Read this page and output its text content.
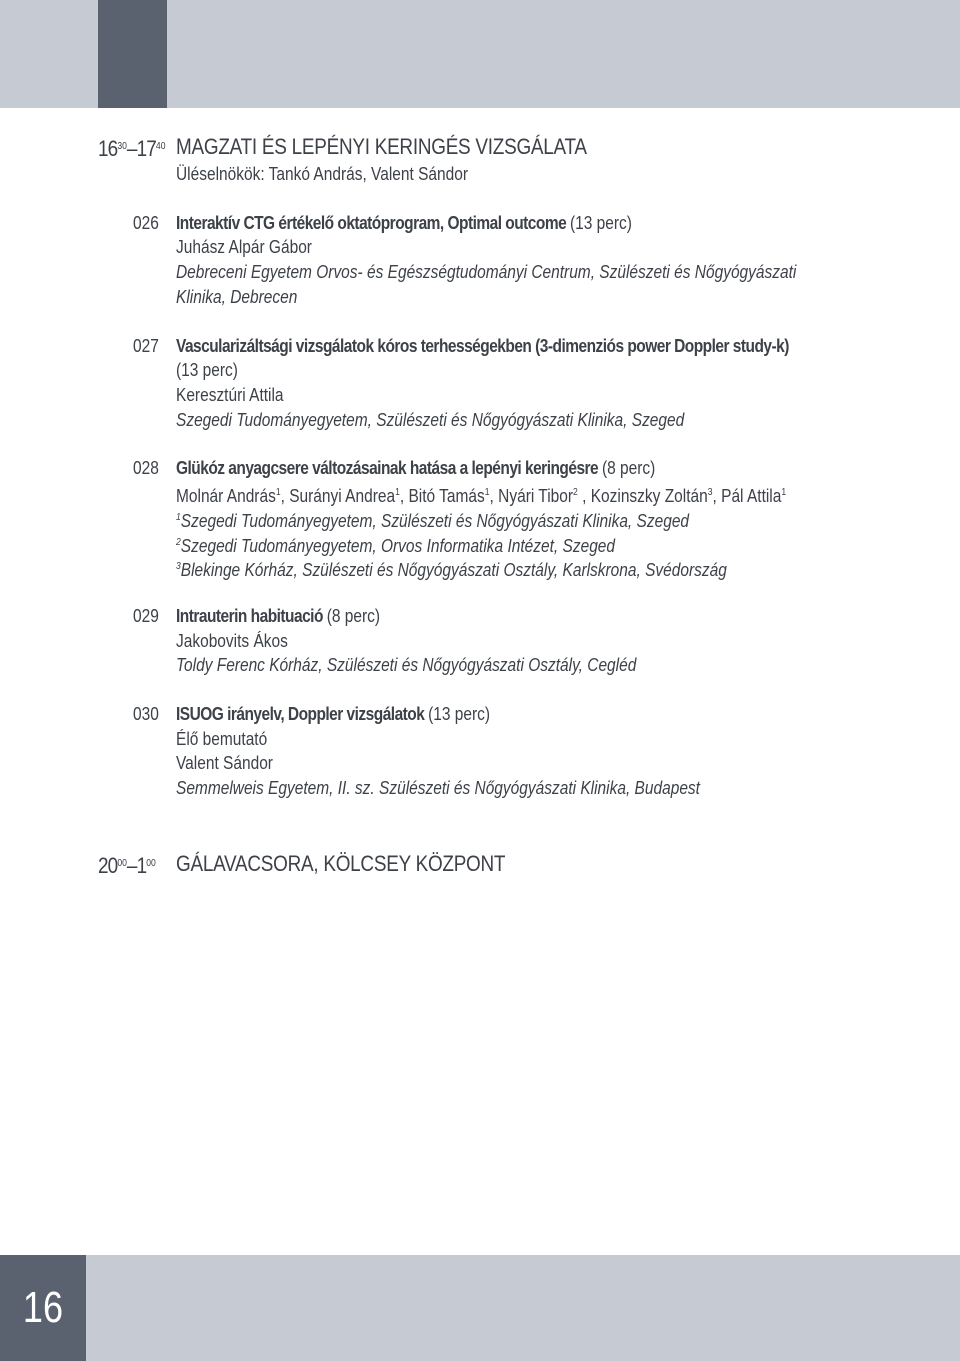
16
$16^{30}-17^{40}$ MAGZATI ÉS LEPÉNYI KERINGÉS VIZSGÁLATA
Üléselnökök: Tankó András, Valent Sándor
026 Interaktív CTG értékelő oktatóprogram, Optimal outcome (13 perc)
Juhász Alpár Gábor
Debreceni Egyetem Orvos- és Egészségtudományi Centrum, Szülészeti és Nőgyógyászati
Klinika, Debrecen
027 Vascularizáltsági vizsgálatok kóros terhességekben (3-dimenziós power Doppler study-k)
(13 perc)
Keresztúri Attila
Szegedi Tudományegyetem, Szülészeti és Nőgyógyászati Klinika, Szeged
028 Glükóz anyagcsere változásainak hatása a lepényi keringésre (8 perc)
Molnár András$^1$, Surányi Andrea$^1$, Bitó Tamás$^1$, Nyári Tibor$^2$ , Kozinszky Zoltán$^3$, Pál Attila$^1$
$^1$Szegedi Tudományegyetem, Szülészeti és Nőgyógyászati Klinika, Szeged
$^2$Szegedi Tudományegyetem, Orvos Informatika Intézet, Szeged
$^3$Blekinge Kórház, Szülészeti és Nőgyógyászati Osztály, Karlskrona, Svédország
029 Intrauterin habituació (8 perc)
Jakobovits Ákos
Toldy Ferenc Kórház, Szülészeti és Nőgyógyászati Osztály, Cegléd
030 ISUOG irányelv, Doppler vizsgálatok (13 perc)
Élő bemutató
Valent Sándor
Semmelweis Egyetem, II. sz. Szülészeti és Nőgyógyászati Klinika, Budapest
$20^{00}-1^{00}$ GÁLAVACSORA, KÖLCSEY KÖZPONT
